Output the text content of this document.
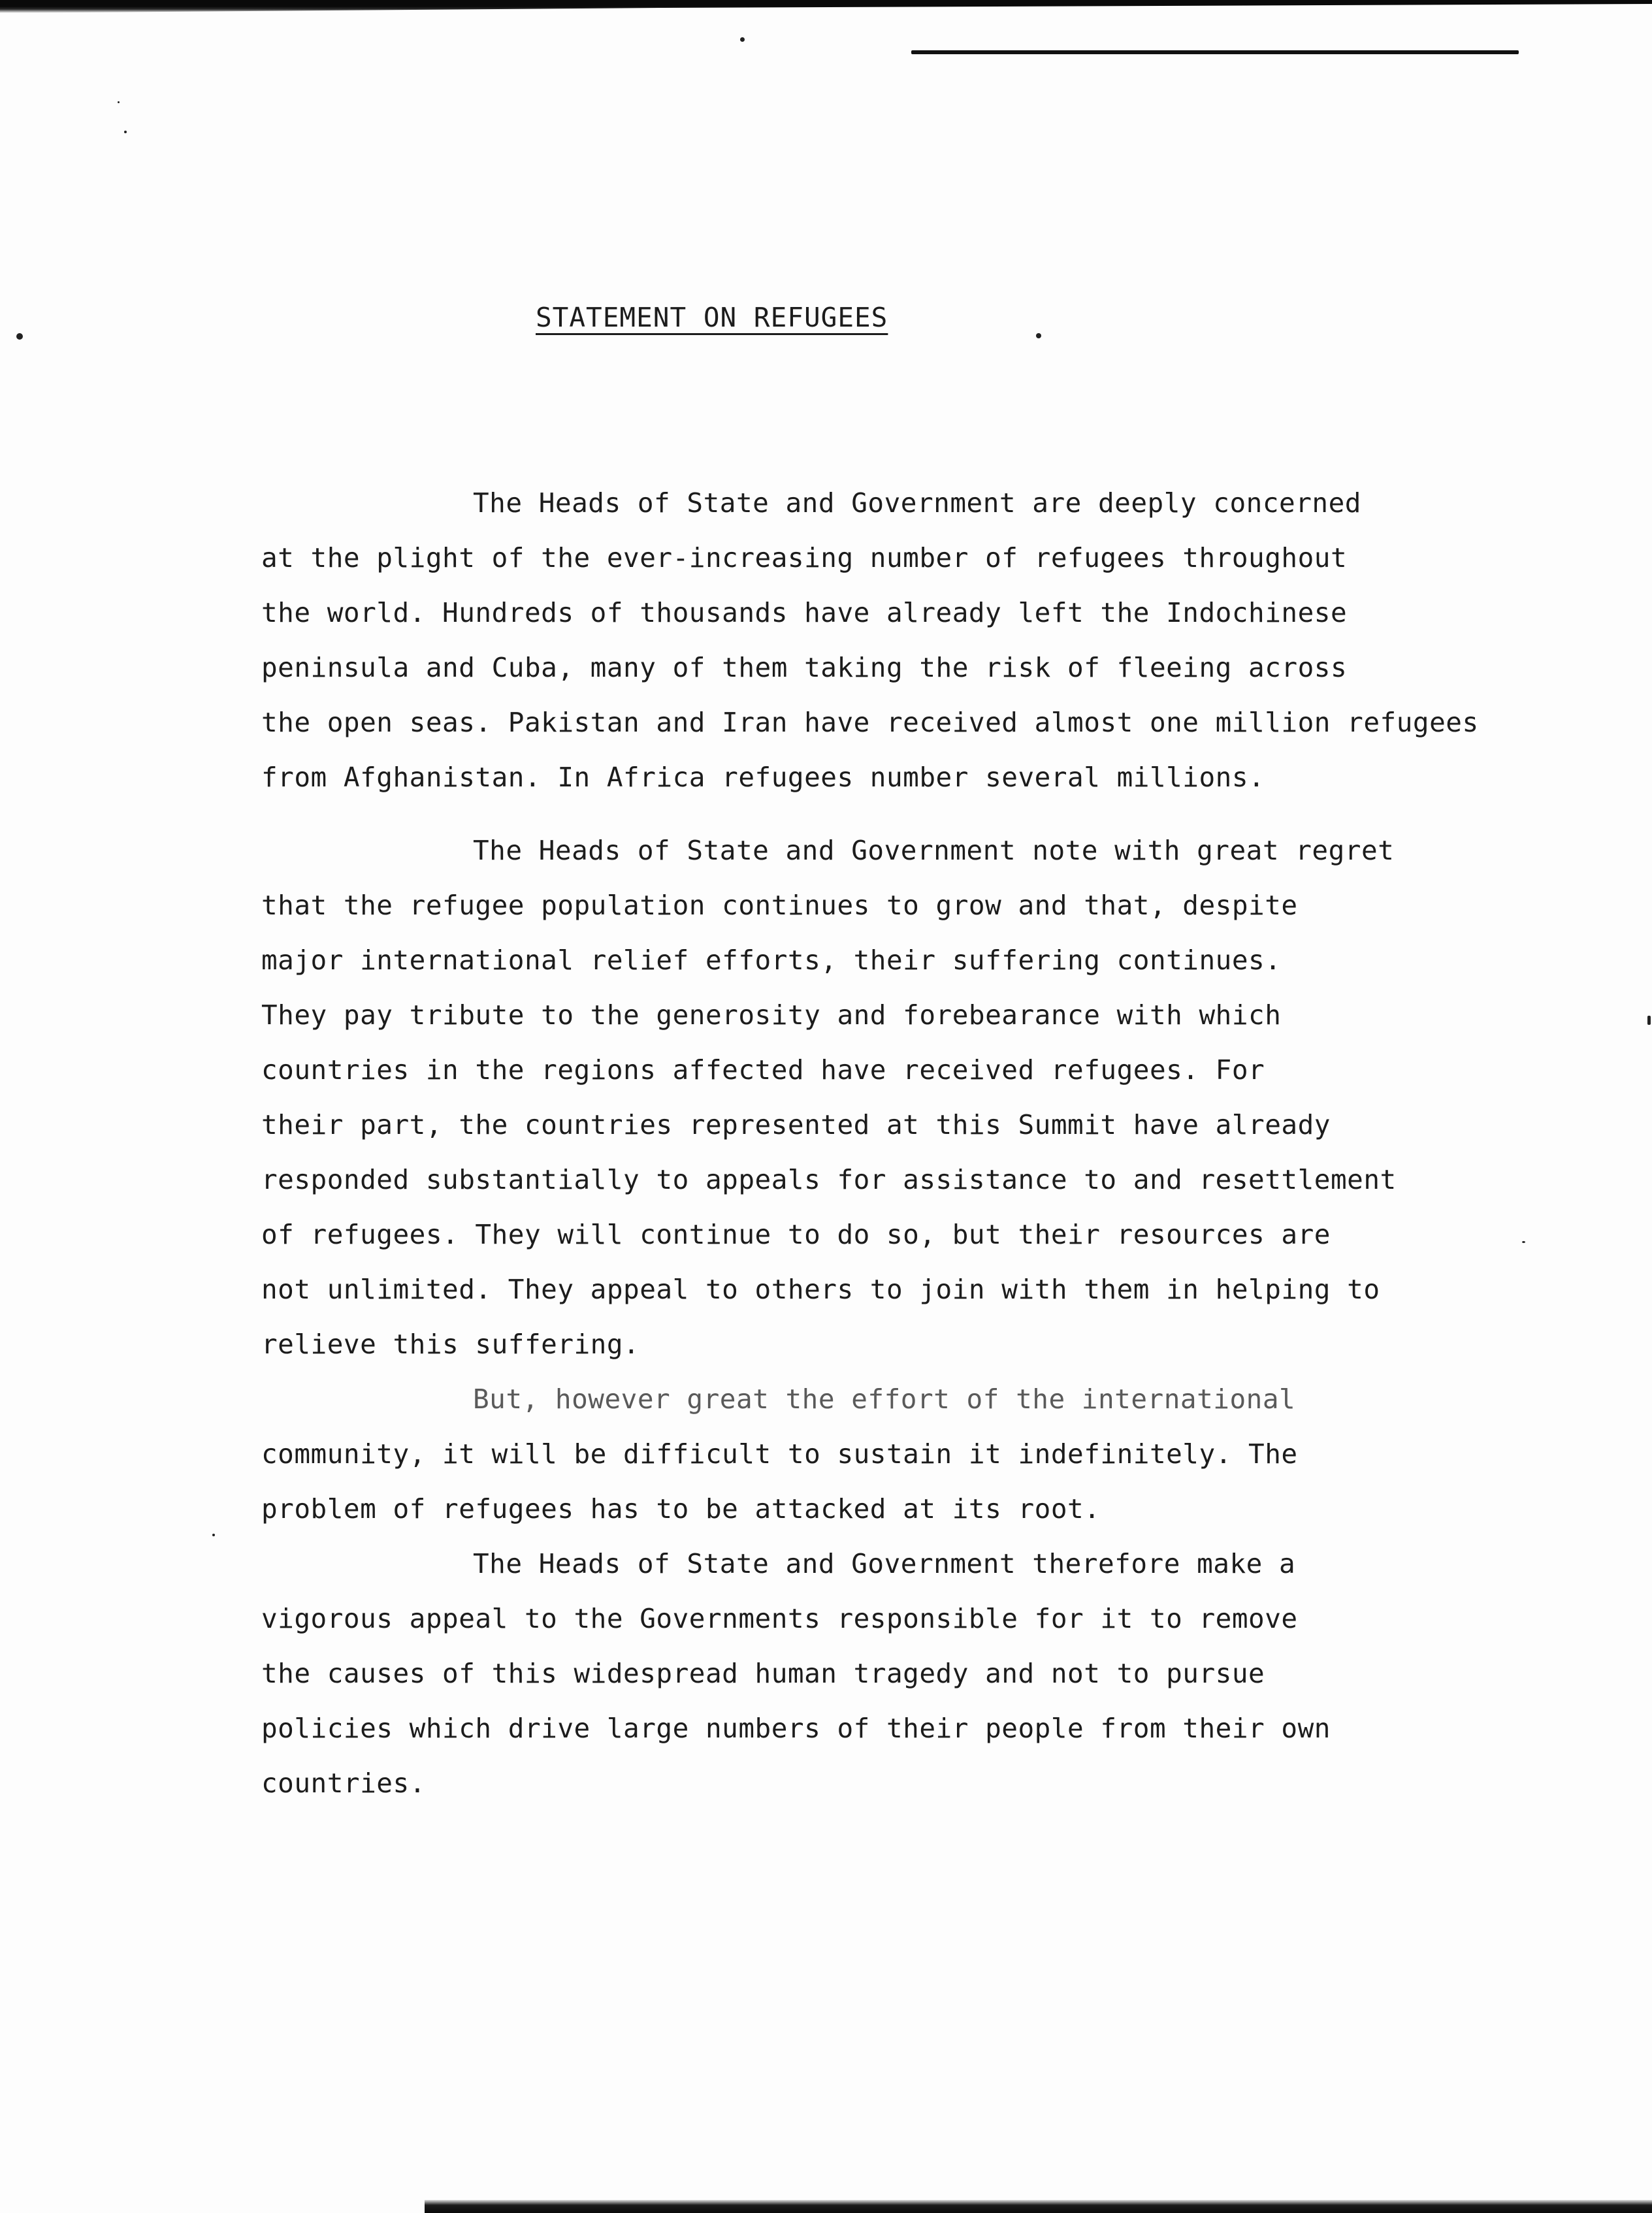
STATEMENT ON REFUGEES
The Heads of State and Government are deeply concerned
at the plight of the ever-increasing number of refugees throughout
the world. Hundreds of thousands have already left the Indochinese
peninsula and Cuba, many of them taking the risk of fleeing across
the open seas. Pakistan and Iran have received almost one million refugees
from Afghanistan. In Africa refugees number several millions.
The Heads of State and Government note with great regret
that the refugee population continues to grow and that, despite
major international relief efforts, their suffering continues.
They pay tribute to the generosity and forebearance with which
countries in the regions affected have received refugees. For
their part, the countries represented at this Summit have already
responded substantially to appeals for assistance to and resettlement
of refugees. They will continue to do so, but their resources are
not unlimited. They appeal to others to join with them in helping to
relieve this suffering.
But, however great the effort of the international
community, it will be difficult to sustain it indefinitely. The
problem of refugees has to be attacked at its root.
The Heads of State and Government therefore make a
vigorous appeal to the Governments responsible for it to remove
the causes of this widespread human tragedy and not to pursue
policies which drive large numbers of their people from their own
countries.
